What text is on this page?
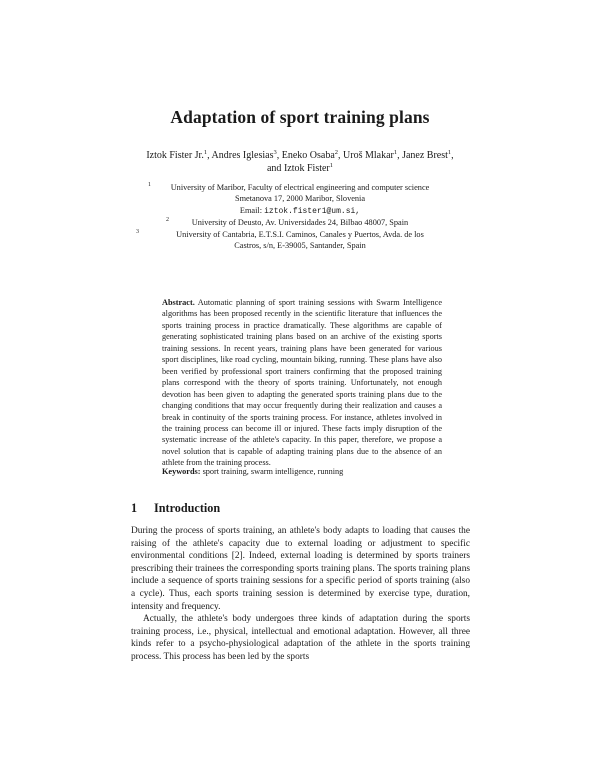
Adaptation of sport training plans
Iztok Fister Jr.$^1$, Andres Iglesias$^3$, Eneko Osaba$^2$, Uroš Mlakar$^1$, Janez Brest$^1$,
and Iztok Fister$^1$
1	University of Maribor, Faculty of electrical engineering and computer science
Smetanova 17, 2000 Maribor, Slovenia
Email: iztok.fister1@um.si,
2	University of Deusto, Av. Universidades 24, Bilbao 48007, Spain
3	University of Cantabria, E.T.S.I. Caminos, Canales y Puertos, Avda. de los
Castros, s/n, E-39005, Santander, Spain
Abstract. Automatic planning of sport training sessions with Swarm Intelligence algorithms has been proposed recently in the scientific literature that influences the sports training process in practice dramatically. These algorithms are capable of generating sophisticated training plans based on an archive of the existing sports training sessions. In recent years, training plans have been generated for various sport disciplines, like road cycling, mountain biking, running. These plans have also been verified by professional sport trainers confirming that the proposed training plans correspond with the theory of sports training. Unfortunately, not enough devotion has been given to adapting the generated sports training plans due to the changing conditions that may occur frequently during their realization and causes a break in continuity of the sports training process. For instance, athletes involved in the training process can become ill or injured. These facts imply disruption of the systematic increase of the athlete's capacity. In this paper, therefore, we propose a novel solution that is capable of adapting training plans due to the absence of an athlete from the training process.
Keywords: sport training, swarm intelligence, running
1 Introduction

During the process of sports training, an athlete's body adapts to loading that causes the raising of the athlete's capacity due to external loading or adjustment to specific environmental conditions [2]. Indeed, external loading is determined by sports trainers prescribing their trainees the corresponding sports training plans. The sports training plans include a sequence of sports training sessions for a specific period of sports training (also a cycle). Thus, each sports training session is determined by exercise type, duration, intensity and frequency.

Actually, the athlete's body undergoes three kinds of adaptation during the sports training process, i.e., physical, intellectual and emotional adaptation. However, all three kinds refer to a psycho-physiological adaptation of the athlete in the sports training process. This process has been led by the sports
